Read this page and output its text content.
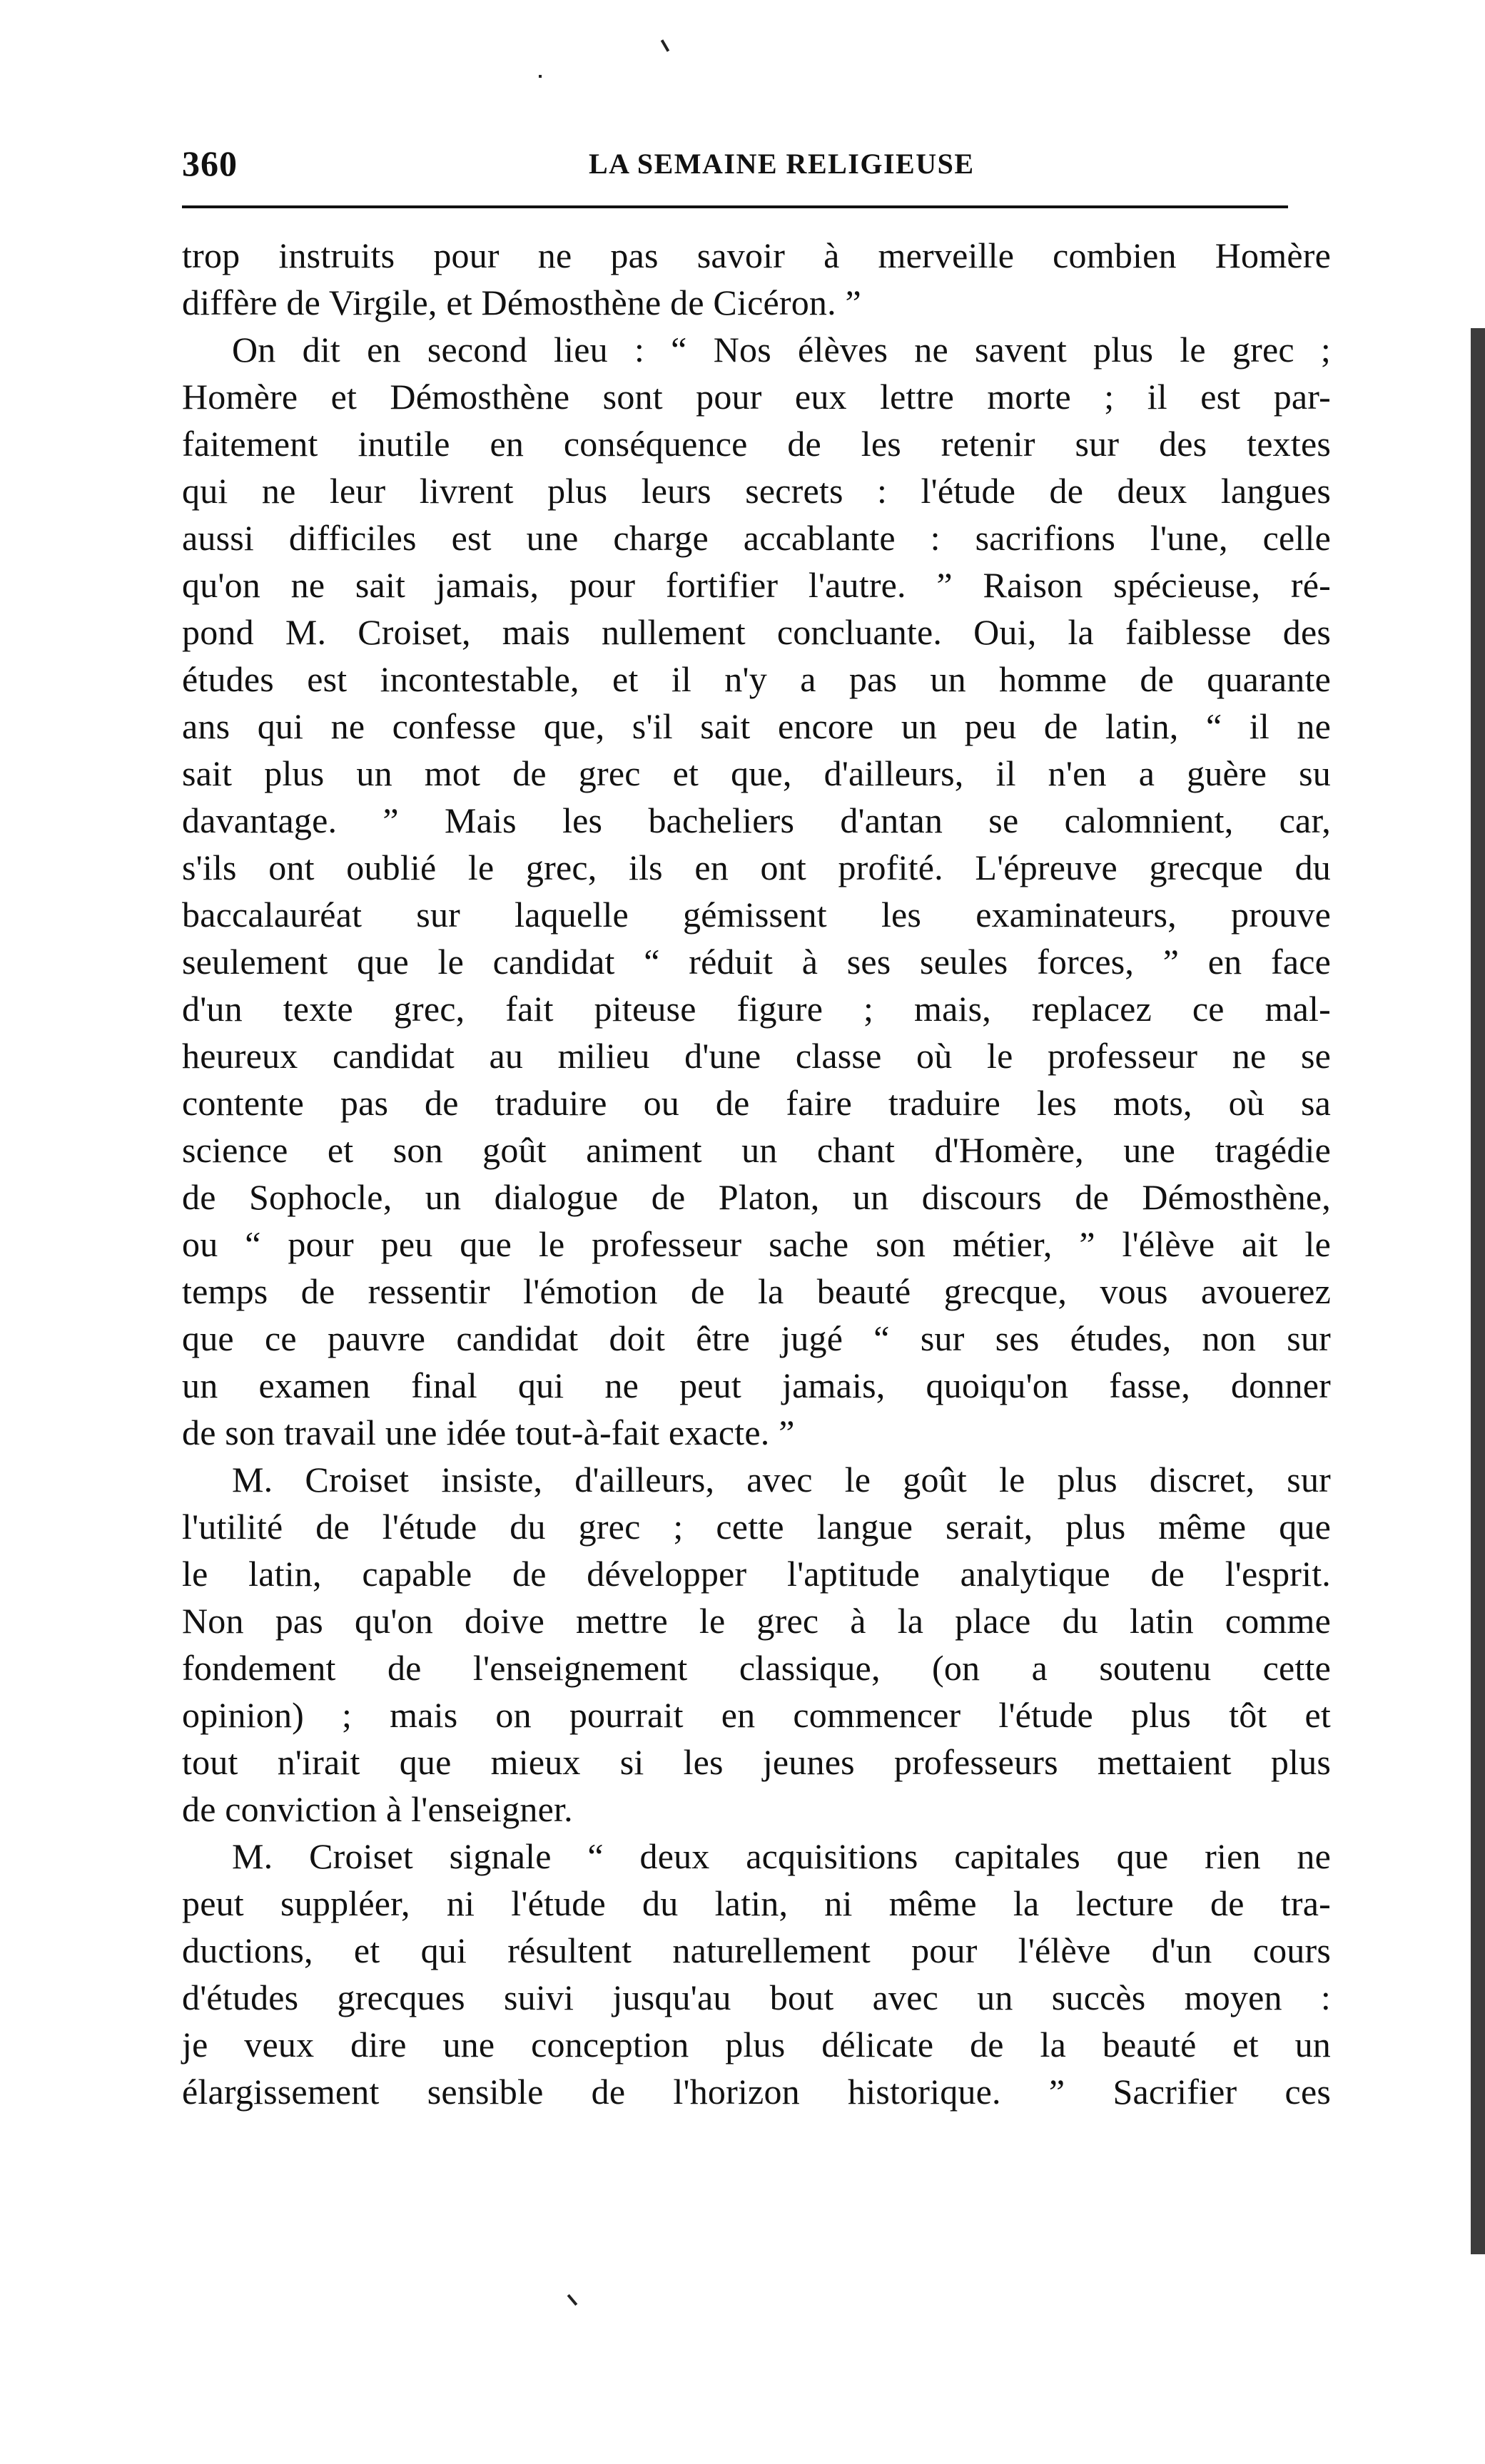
360	LA SEMAINE RELIGIEUSE
trop instruits pour ne pas savoir à merveille combien Homère
diffère de Virgile, et Démosthène de Cicéron. ”
On dit en second lieu : “ Nos élèves ne savent plus le grec ;
Homère et Démosthène sont pour eux lettre morte ; il est par-
faitement inutile en conséquence de les retenir sur des textes
qui ne leur livrent plus leurs secrets : l'étude de deux langues
aussi difficiles est une charge accablante : sacrifions l'une, celle
qu'on ne sait jamais, pour fortifier l'autre. ” Raison spécieuse, ré-
pond M. Croiset, mais nullement concluante. Oui, la faiblesse des
études est incontestable, et il n'y a pas un homme de quarante
ans qui ne confesse que, s'il sait encore un peu de latin, “ il ne
sait plus un mot de grec et que, d'ailleurs, il n'en a guère su
davantage. ” Mais les bacheliers d'antan se calomnient, car,
s'ils ont oublié le grec, ils en ont profité. L'épreuve grecque du
baccalauréat sur laquelle gémissent les examinateurs, prouve
seulement que le candidat “ réduit à ses seules forces, ” en face
d'un texte grec, fait piteuse figure ; mais, replacez ce mal-
heureux candidat au milieu d'une classe où le professeur ne se
contente pas de traduire ou de faire traduire les mots, où sa
science et son goût animent un chant d'Homère, une tragédie
de Sophocle, un dialogue de Platon, un discours de Démosthène,
ou “ pour peu que le professeur sache son métier, ” l'élève ait le
temps de ressentir l'émotion de la beauté grecque, vous avouerez
que ce pauvre candidat doit être jugé “ sur ses études, non sur
un examen final qui ne peut jamais, quoiqu'on fasse, donner
de son travail une idée tout-à-fait exacte. ”
M. Croiset insiste, d'ailleurs, avec le goût le plus discret, sur
l'utilité de l'étude du grec ; cette langue serait, plus même que
le latin, capable de développer l'aptitude analytique de l'esprit.
Non pas qu'on doive mettre le grec à la place du latin comme
fondement de l'enseignement classique, (on a soutenu cette
opinion) ; mais on pourrait en commencer l'étude plus tôt et
tout n'irait que mieux si les jeunes professeurs mettaient plus
de conviction à l'enseigner.
M. Croiset signale “ deux acquisitions capitales que rien ne
peut suppléer, ni l'étude du latin, ni même la lecture de tra-
ductions, et qui résultent naturellement pour l'élève d'un cours
d'études grecques suivi jusqu'au bout avec un succès moyen :
je veux dire une conception plus délicate de la beauté et un
élargissement sensible de l'horizon historique. ” Sacrifier ces
